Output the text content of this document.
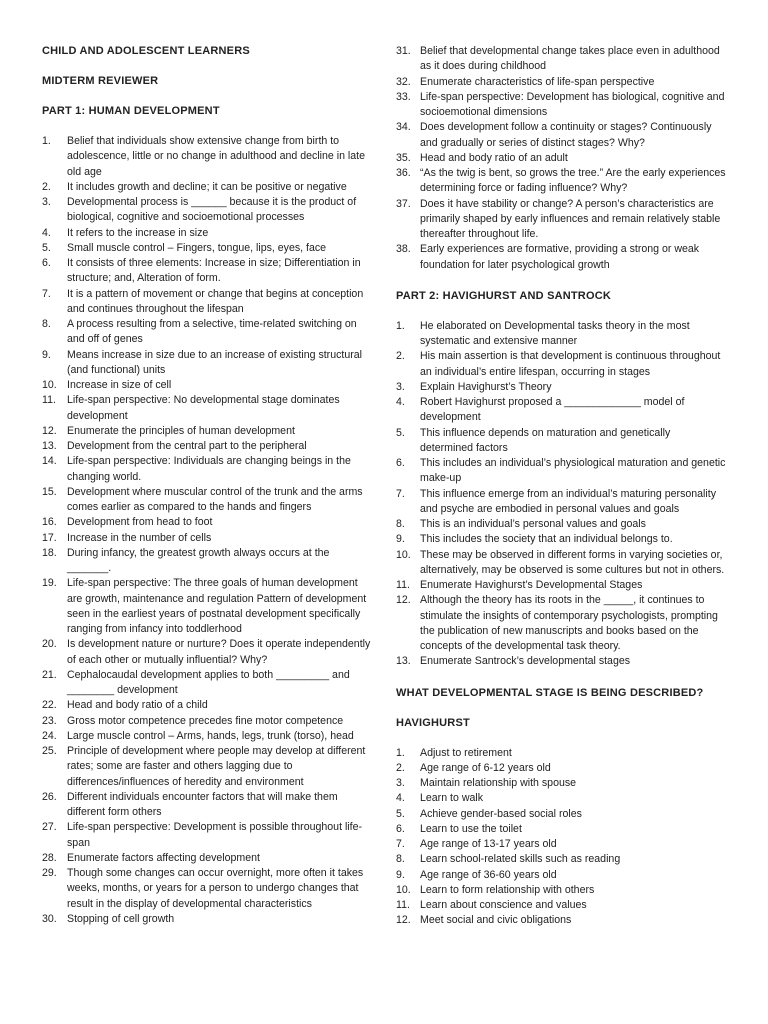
CHILD AND ADOLESCENT LEARNERS
MIDTERM REVIEWER
PART 1: HUMAN DEVELOPMENT
1. Belief that individuals show extensive change from birth to adolescence, little or no change in adulthood and decline in late old age
2. It includes growth and decline; it can be positive or negative
3. Developmental process is ______ because it is the product of biological, cognitive and socioemotional processes
4. It refers to the increase in size
5. Small muscle control – Fingers, tongue, lips, eyes, face
6. It consists of three elements: Increase in size; Differentiation in structure; and, Alteration of form.
7. It is a pattern of movement or change that begins at conception and continues throughout the lifespan
8. A process resulting from a selective, time-related switching on and off of genes
9. Means increase in size due to an increase of existing structural (and functional) units
10. Increase in size of cell
11. Life-span perspective: No developmental stage dominates development
12. Enumerate the principles of human development
13. Development from the central part to the peripheral
14. Life-span perspective: Individuals are changing beings in the changing world.
15. Development where muscular control of the trunk and the arms comes earlier as compared to the hands and fingers
16. Development from head to foot
17. Increase in the number of cells
18. During infancy, the greatest growth always occurs at the _______.
19. Life-span perspective: The three goals of human development are growth, maintenance and regulation Pattern of development seen in the earliest years of postnatal development specifically ranging from infancy into toddlerhood
20. Is development nature or nurture? Does it operate independently of each other or mutually influential? Why?
21. Cephalocaudal development applies to both _________ and ________ development
22. Head and body ratio of a child
23. Gross motor competence precedes fine motor competence
24. Large muscle control – Arms, hands, legs, trunk (torso), head
25. Principle of development where people may develop at different rates; some are faster and others lagging due to differences/influences of heredity and environment
26. Different individuals encounter factors that will make them different form others
27. Life-span perspective: Development is possible throughout life-span
28. Enumerate factors affecting development
29. Though some changes can occur overnight, more often it takes weeks, months, or years for a person to undergo changes that result in the display of developmental characteristics
30. Stopping of cell growth
31. Belief that developmental change takes place even in adulthood as it does during childhood
32. Enumerate characteristics of life-span perspective
33. Life-span perspective: Development has biological, cognitive and socioemotional dimensions
34. Does development follow a continuity or stages? Continuously and gradually or series of distinct stages? Why?
35. Head and body ratio of an adult
36. “As the twig is bent, so grows the tree.” Are the early experiences determining force or fading influence? Why?
37. Does it have stability or change? A person’s characteristics are primarily shaped by early influences and remain relatively stable thereafter throughout life.
38. Early experiences are formative, providing a strong or weak foundation for later psychological growth
PART 2: HAVIGHURST AND SANTROCK
1. He elaborated on Developmental tasks theory in the most systematic and extensive manner
2. His main assertion is that development is continuous throughout an individual’s entire lifespan, occurring in stages
3. Explain Havighurst’s Theory
4. Robert Havighurst proposed a _____________ model of development
5. This influence depends on maturation and genetically determined factors
6. This includes an individual’s physiological maturation and genetic make-up
7. This influence emerge from an individual’s maturing personality and psyche are embodied in personal values and goals
8. This is an individual’s personal values and goals
9. This includes the society that an individual belongs to.
10. These may be observed in different forms in varying societies or, alternatively, may be observed is some cultures but not in others.
11. Enumerate Havighurst’s Developmental Stages
12. Although the theory has its roots in the _____, it continues to stimulate the insights of contemporary psychologists, prompting the publication of new manuscripts and books based on the concepts of the developmental task theory.
13. Enumerate Santrock’s developmental stages
WHAT DEVELOPMENTAL STAGE IS BEING DESCRIBED?
HAVIGHURST
1. Adjust to retirement
2. Age range of 6-12 years old
3. Maintain relationship with spouse
4. Learn to walk
5. Achieve gender-based social roles
6. Learn to use the toilet
7. Age range of 13-17 years old
8. Learn school-related skills such as reading
9. Age range of 36-60 years old
10. Learn to form relationship with others
11. Learn about conscience and values
12. Meet social and civic obligations
